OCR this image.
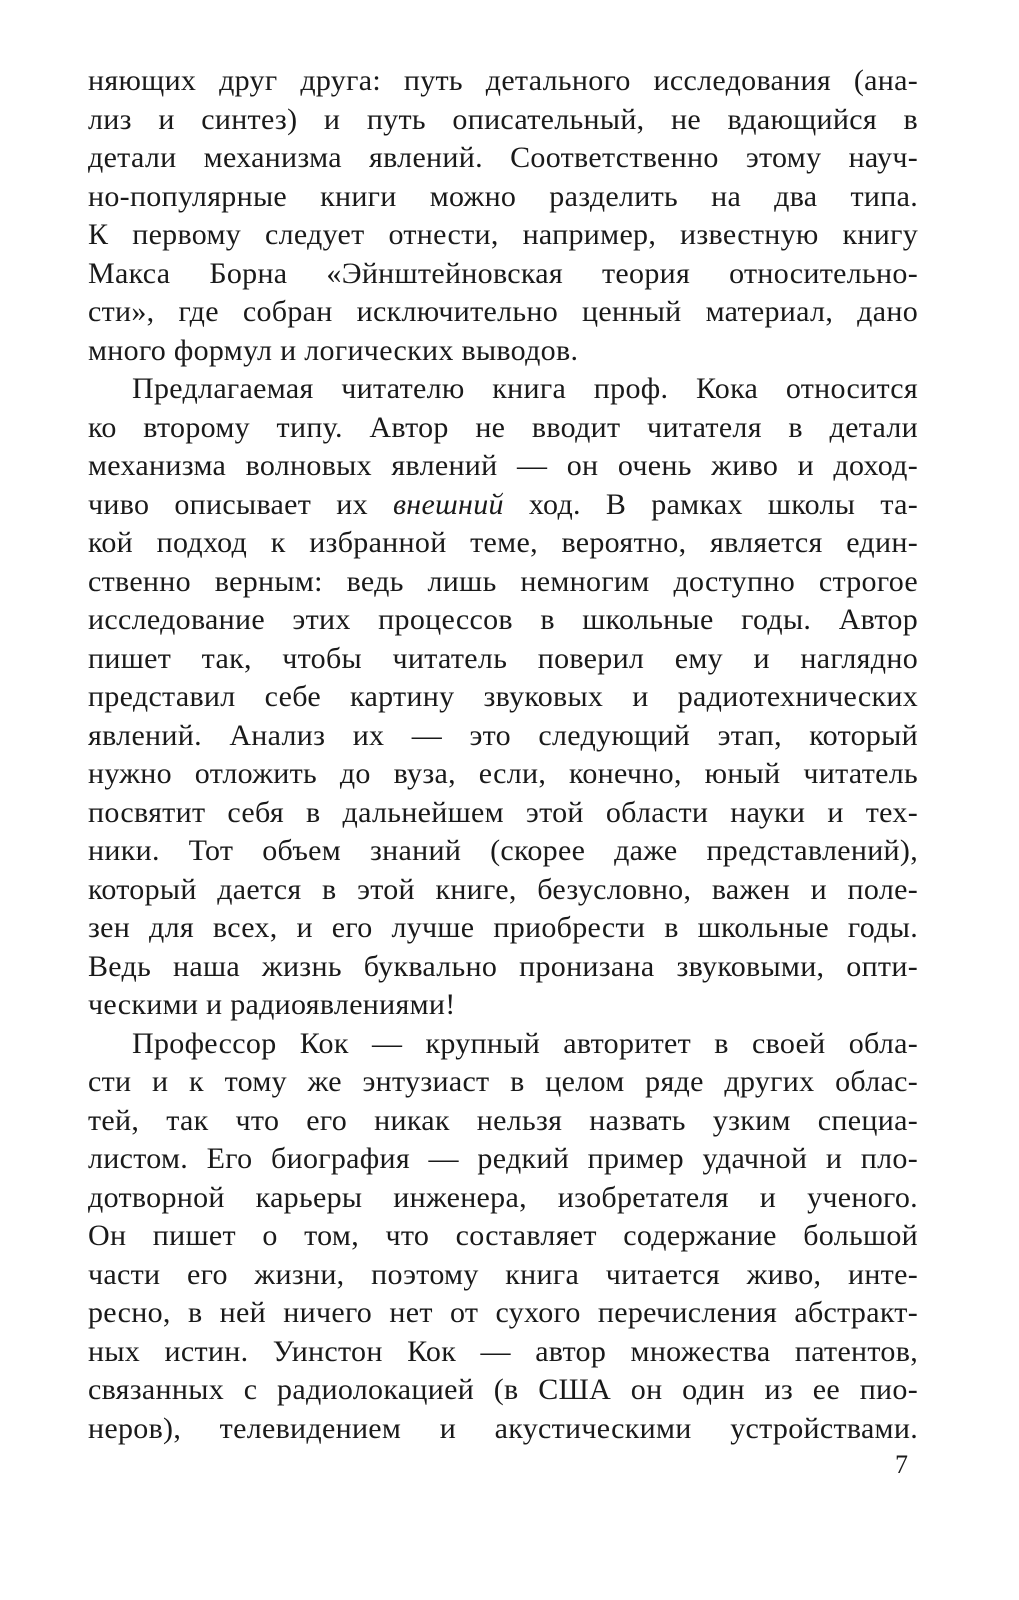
няющих друг друга: путь детального исследования (ана-
лиз и синтез) и путь описательный, не вдающийся в
детали механизма явлений. Соответственно этому науч-
но-популярные книги можно разделить на два типа.
К первому следует отнести, например, известную книгу
Макса Борна «Эйнштейновская теория относительно-
сти», где собран исключительно ценный материал, дано
много формул и логических выводов.
Предлагаемая читателю книга проф. Кока относится
ко второму типу. Автор не вводит читателя в детали
механизма волновых явлений — он очень живо и доход-
чиво описывает их внешний ход. В рамках школы та-
кой подход к избранной теме, вероятно, является един-
ственно верным: ведь лишь немногим доступно строгое
исследование этих процессов в школьные годы. Автор
пишет так, чтобы читатель поверил ему и наглядно
представил себе картину звуковых и радиотехнических
явлений. Анализ их — это следующий этап, который
нужно отложить до вуза, если, конечно, юный читатель
посвятит себя в дальнейшем этой области науки и тех-
ники. Тот объем знаний (скорее даже представлений),
который дается в этой книге, безусловно, важен и поле-
зен для всех, и его лучше приобрести в школьные годы.
Ведь наша жизнь буквально пронизана звуковыми, опти-
ческими и радиоявлениями!
Профессор Кок — крупный авторитет в своей обла-
сти и к тому же энтузиаст в целом ряде других облас-
тей, так что его никак нельзя назвать узким специа-
листом. Его биография — редкий пример удачной и пло-
дотворной карьеры инженера, изобретателя и ученого.
Он пишет о том, что составляет содержание большой
части его жизни, поэтому книга читается живо, инте-
ресно, в ней ничего нет от сухого перечисления абстракт-
ных истин. Уинстон Кок — автор множества патентов,
связанных с радиолокацией (в США он один из ее пио-
неров), телевидением и акустическими устройствами.
7
